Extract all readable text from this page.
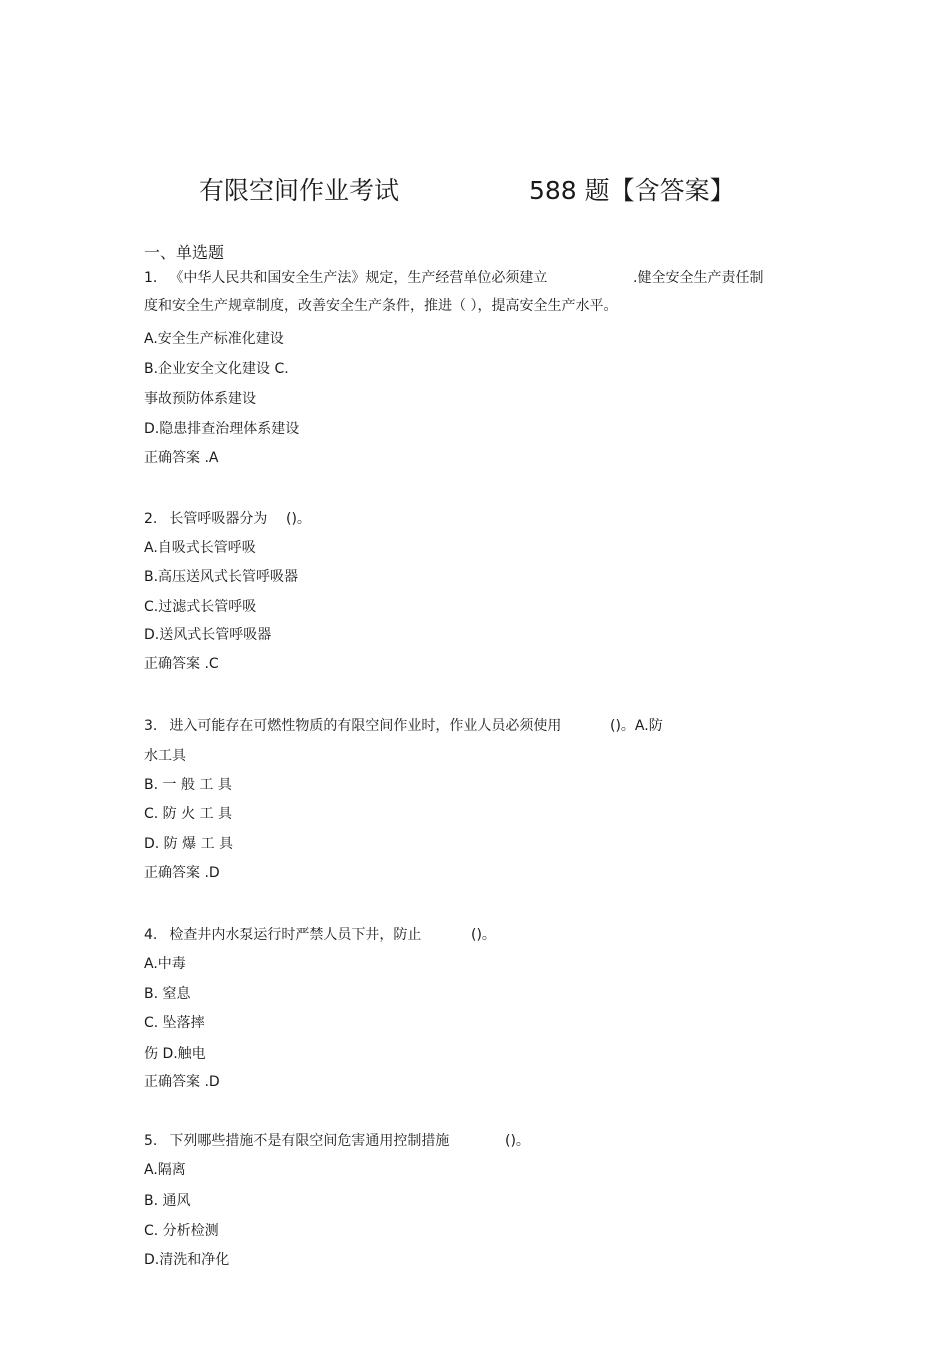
有限空间作业考试	588 题【含答案】
一、单选题
1. 《中华人民共和国安全生产法》规定，生产经营单位必须建立	.健全安全生产责任制
度和安全生产规章制度，改善安全生产条件，推进（ ），提高安全生产水平。
A.安全生产标准化建设
B.企业安全文化建设 C.
事故预防体系建设
D.隐患排查治理体系建设
正确答案 .A
2. 长管呼吸器分为 ()。
A.自吸式长管呼吸
B.高压送风式长管呼吸器
C.过滤式长管呼吸
D.送风式长管呼吸器
正确答案 .C
3. 进入可能存在可燃性物质的有限空间作业时，作业人员必须使用	()。A.防
水工具
B. 一 般 工 具
C. 防 火 工 具
D. 防 爆 工 具
正确答案 .D
4. 检查井内水泵运行时严禁人员下井，防止	()。
A.中毒
B. 窒息
C. 坠落摔
伤 D.触电
正确答案 .D
5. 下列哪些措施不是有限空间危害通用控制措施	()。
A.隔离
B. 通风
C. 分析检测
D.清洗和净化
